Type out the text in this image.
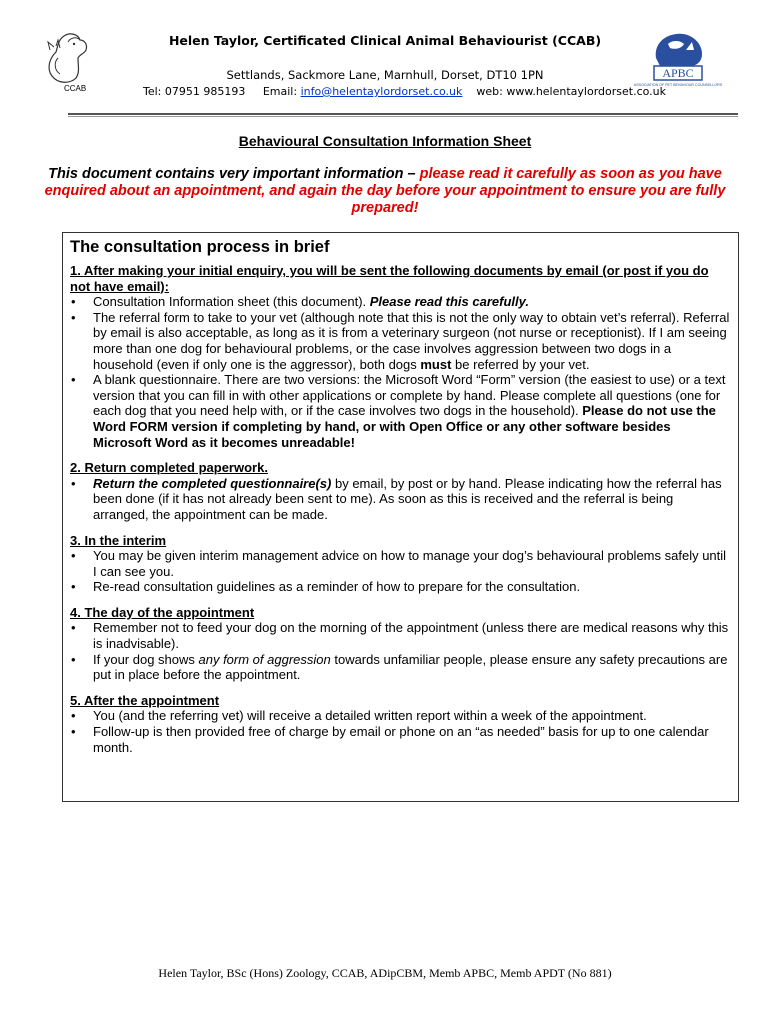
CCAB
APBC
ASSOCIATION OF PET BEHAVIOUR COUNSELLORS
Helen Taylor, Certificated Clinical Animal Behaviourist (CCAB)
Settlands, Sackmore Lane, Marnhull, Dorset, DT10 1PN
Tel: 07951 985193 Email: info@helentaylordorset.co.uk web: www.helentaylordorset.co.uk
Behavioural Consultation Information Sheet
This document contains very important information – please read it carefully as soon as you have enquired about an appointment, and again the day before your appointment to ensure you are fully prepared!
The consultation process in brief
1. After making your initial enquiry, you will be sent the following documents by email (or post if you do not have email):
• Consultation Information sheet (this document). Please read this carefully.
• The referral form to take to your vet (although note that this is not the only way to obtain vet’s referral). Referral by email is also acceptable, as long as it is from a veterinary surgeon (not nurse or receptionist). If I am seeing more than one dog for behavioural problems, or the case involves aggression between two dogs in a household (even if only one is the aggressor), both dogs must be referred by your vet.
• A blank questionnaire. There are two versions: the Microsoft Word “Form” version (the easiest to use) or a text version that you can fill in with other applications or complete by hand. Please complete all questions (one for each dog that you need help with, or if the case involves two dogs in the household). Please do not use the Word FORM version if completing by hand, or with Open Office or any other software besides Microsoft Word as it becomes unreadable!
2. Return completed paperwork.
• Return the completed questionnaire(s) by email, by post or by hand. Please indicating how the referral has been done (if it has not already been sent to me). As soon as this is received and the referral is being arranged, the appointment can be made.
3. In the interim
• You may be given interim management advice on how to manage your dog’s behavioural problems safely until I can see you.
• Re-read consultation guidelines as a reminder of how to prepare for the consultation.
4. The day of the appointment
• Remember not to feed your dog on the morning of the appointment (unless there are medical reasons why this is inadvisable).
• If your dog shows any form of aggression towards unfamiliar people, please ensure any safety precautions are put in place before the appointment.
5. After the appointment
• You (and the referring vet) will receive a detailed written report within a week of the appointment.
• Follow-up is then provided free of charge by email or phone on an “as needed” basis for up to one calendar month.
Helen Taylor, BSc (Hons) Zoology, CCAB, ADipCBM, Memb APBC, Memb APDT (No 881)
